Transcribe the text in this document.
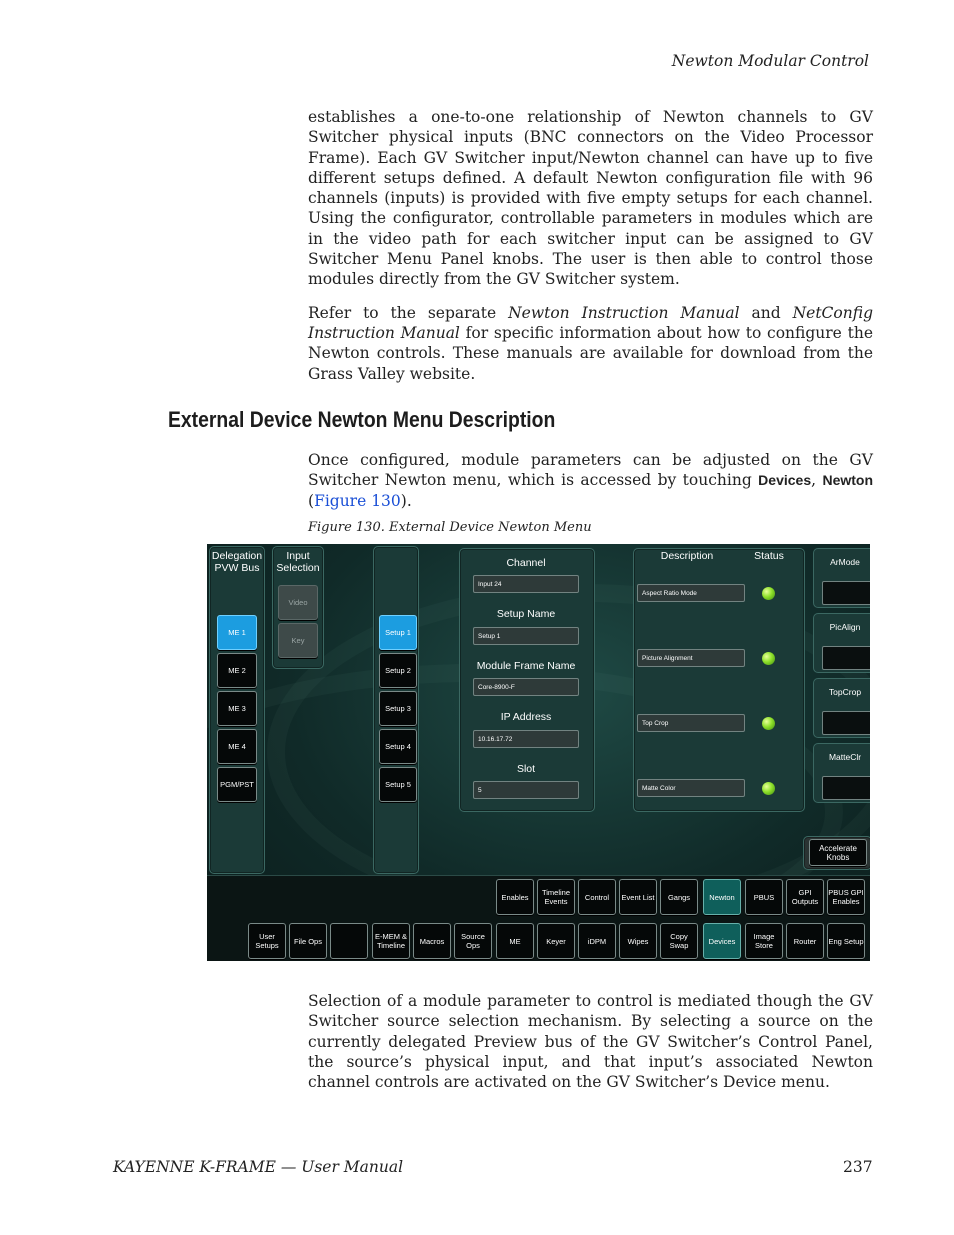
Newton Modular Control

establishes a one-to-one relationship of Newton channels to GV Switcher physical inputs (BNC connectors on the Video Processor Frame). Each GV Switcher input/Newton channel can have up to five different setups defined. A default Newton configuration file with 96 channels (inputs) is provided with five empty setups for each channel. Using the configurator, controllable parameters in modules which are in the video path for each switcher input can be assigned to GV Switcher Menu Panel knobs. The user is then able to control those modules directly from the GV Switcher system.

Refer to the separate Newton Instruction Manual and NetConfig Instruction Manual for specific information about how to configure the Newton controls. These manuals are available for download from the Grass Valley website.

External Device Newton Menu Description

Once configured, module parameters can be adjusted on the GV Switcher Newton menu, which is accessed by touching Devices, Newton (Figure 130).

Figure 130. External Device Newton Menu
Delegation
PVW Bus
ME 1
ME 2
ME 3
ME 4
PGM/PST
Input
Selection
Video
Key
Setup 1
Setup 2
Setup 3
Setup 4
Setup 5
Channel
Input 24
Setup Name
Setup 1
Module Frame Name
Core-8900-F
IP Address
10.16.17.72
Slot
5
Description	Status
Aspect Ratio Mode
Picture Alignment
Top Crop
Matte Color
ArMode
PicAlign
TopCrop
MatteClr
Accelerate
Knobs
Enables	Timeline Events	Control	Event List	Gangs	Newton	PBUS	GPI Outputs
PBUS GPI Enables
User Setups	File Ops	E-MEM & Timeline	Macros	Source Ops	ME	Keyer	iDPM	Wipes	Copy Swap	Devices	Image Store	Router	Eng Setup

Selection of a module parameter to control is mediated though the GV Switcher source selection mechanism. By selecting a source on the currently delegated Preview bus of the GV Switcher’s Control Panel, the source’s physical input, and that input’s associated Newton channel controls are activated on the GV Switcher’s Device menu.

KAYENNE K-FRAME — User Manual	237
